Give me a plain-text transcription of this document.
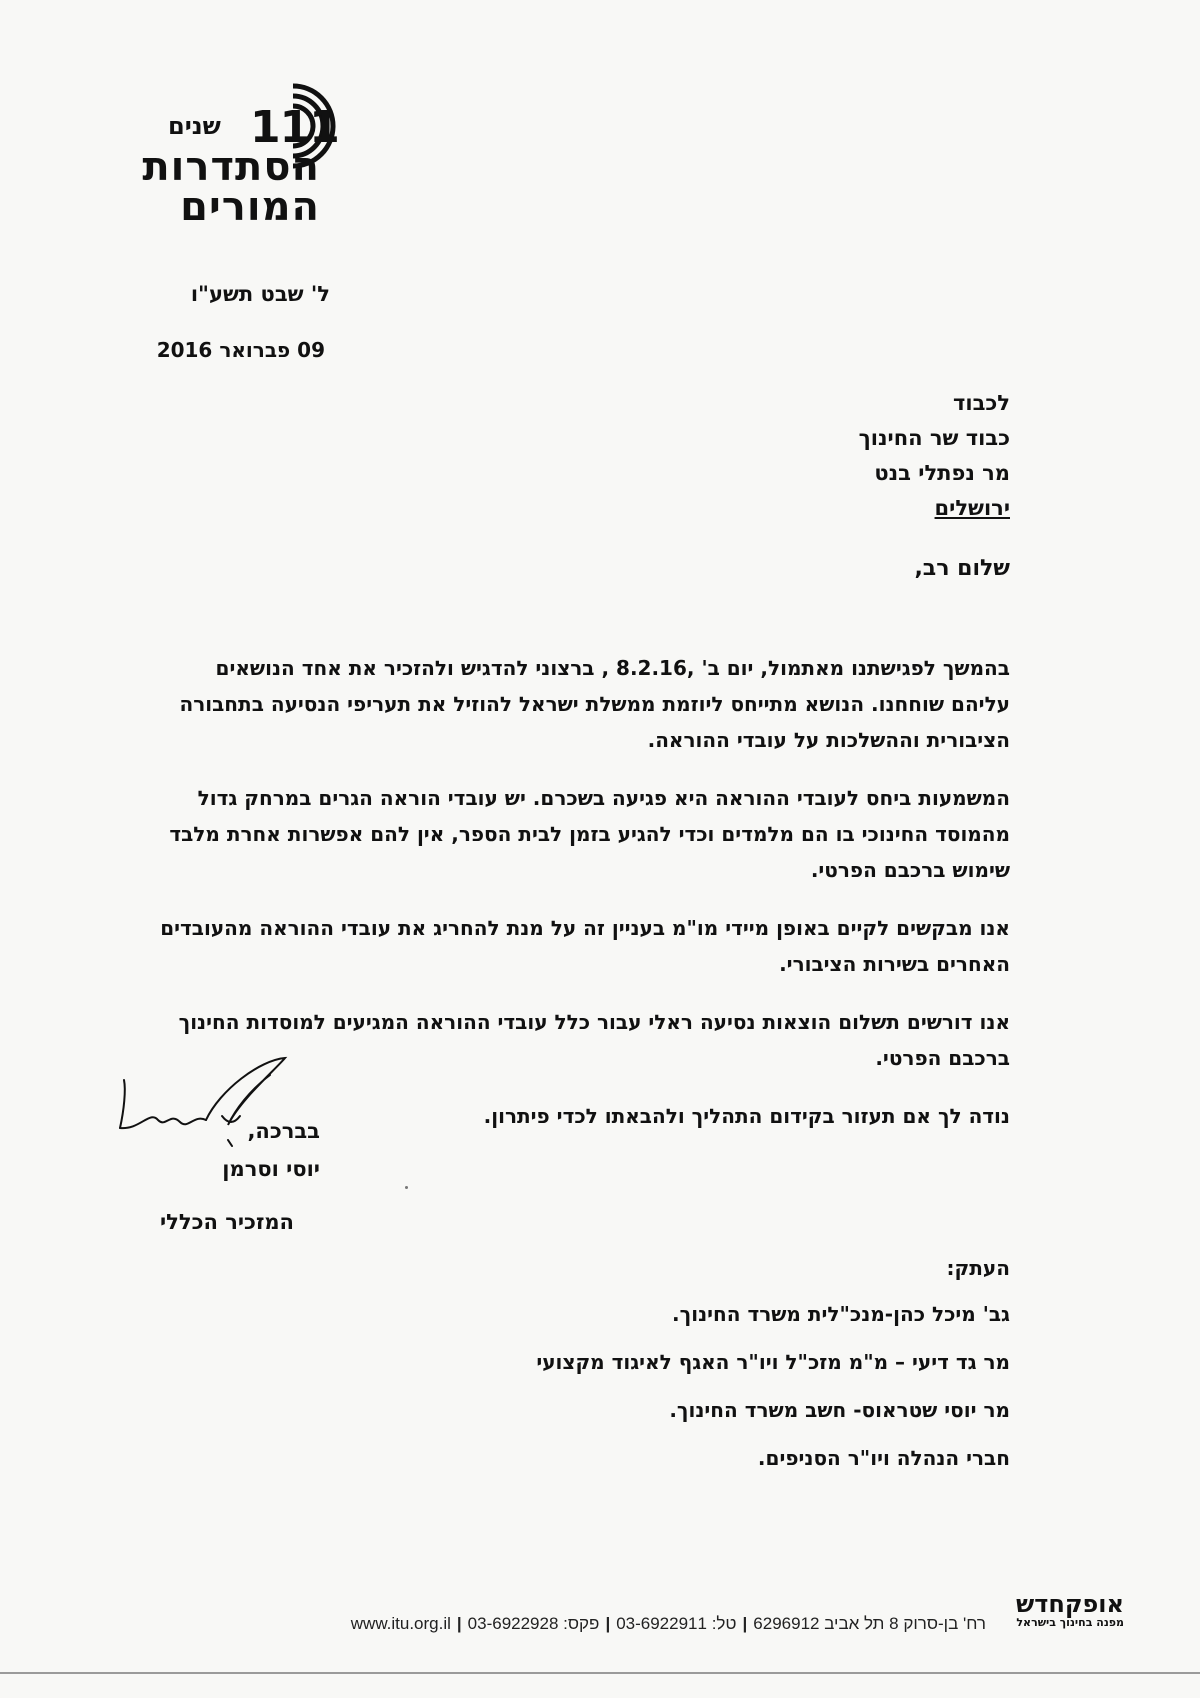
111
שנים
הסתדרות
המורים
ל' שבט תשע"ו
09 פברואר 2016
לכבוד
כבוד שר החינוך
מר נפתלי בנט
ירושלים
שלום רב,

בהמשך לפגישתנו מאתמול, יום ב' ,8.2.16 , ברצוני להדגיש ולהזכיר את אחד הנושאים עליהם שוחחנו. הנושא מתייחס ליוזמת ממשלת ישראל להוזיל את תעריפי הנסיעה בתחבורה הציבורית וההשלכות על עובדי ההוראה.

המשמעות ביחס לעובדי ההוראה היא פגיעה בשכרם. יש עובדי הוראה הגרים במרחק גדול מהמוסד החינוכי בו הם מלמדים וכדי להגיע בזמן לבית הספר, אין להם אפשרות אחרת מלבד שימוש ברכבם הפרטי.

אנו מבקשים לקיים באופן מיידי מו"מ בעניין זה על מנת להחריג את עובדי ההוראה מהעובדים האחרים בשירות הציבורי.

אנו דורשים תשלום הוצאות נסיעה ראלי עבור כלל עובדי ההוראה המגיעים למוסדות החינוך ברכבם הפרטי.

נודה לך אם תעזור בקידום התהליך ולהבאתו לכדי פיתרון.

בברכה,
יוסי וסרמן
המזכיר הכללי
העתק:
גב' מיכל כהן-מנכ"לית משרד החינוך.
מר גד דיעי – מ"מ מזכ"ל ויו"ר האגף לאיגוד מקצועי
מר יוסי שטראוס- חשב משרד החינוך.
חברי הנהלה ויו"ר הסניפים.
אופקחדש
מפנה בחינוך בישראל
רח' בן-סרוק 8 תל אביב 6296912|טל: 03-6922911|פקס: 03-6922928|www.itu.org.il
